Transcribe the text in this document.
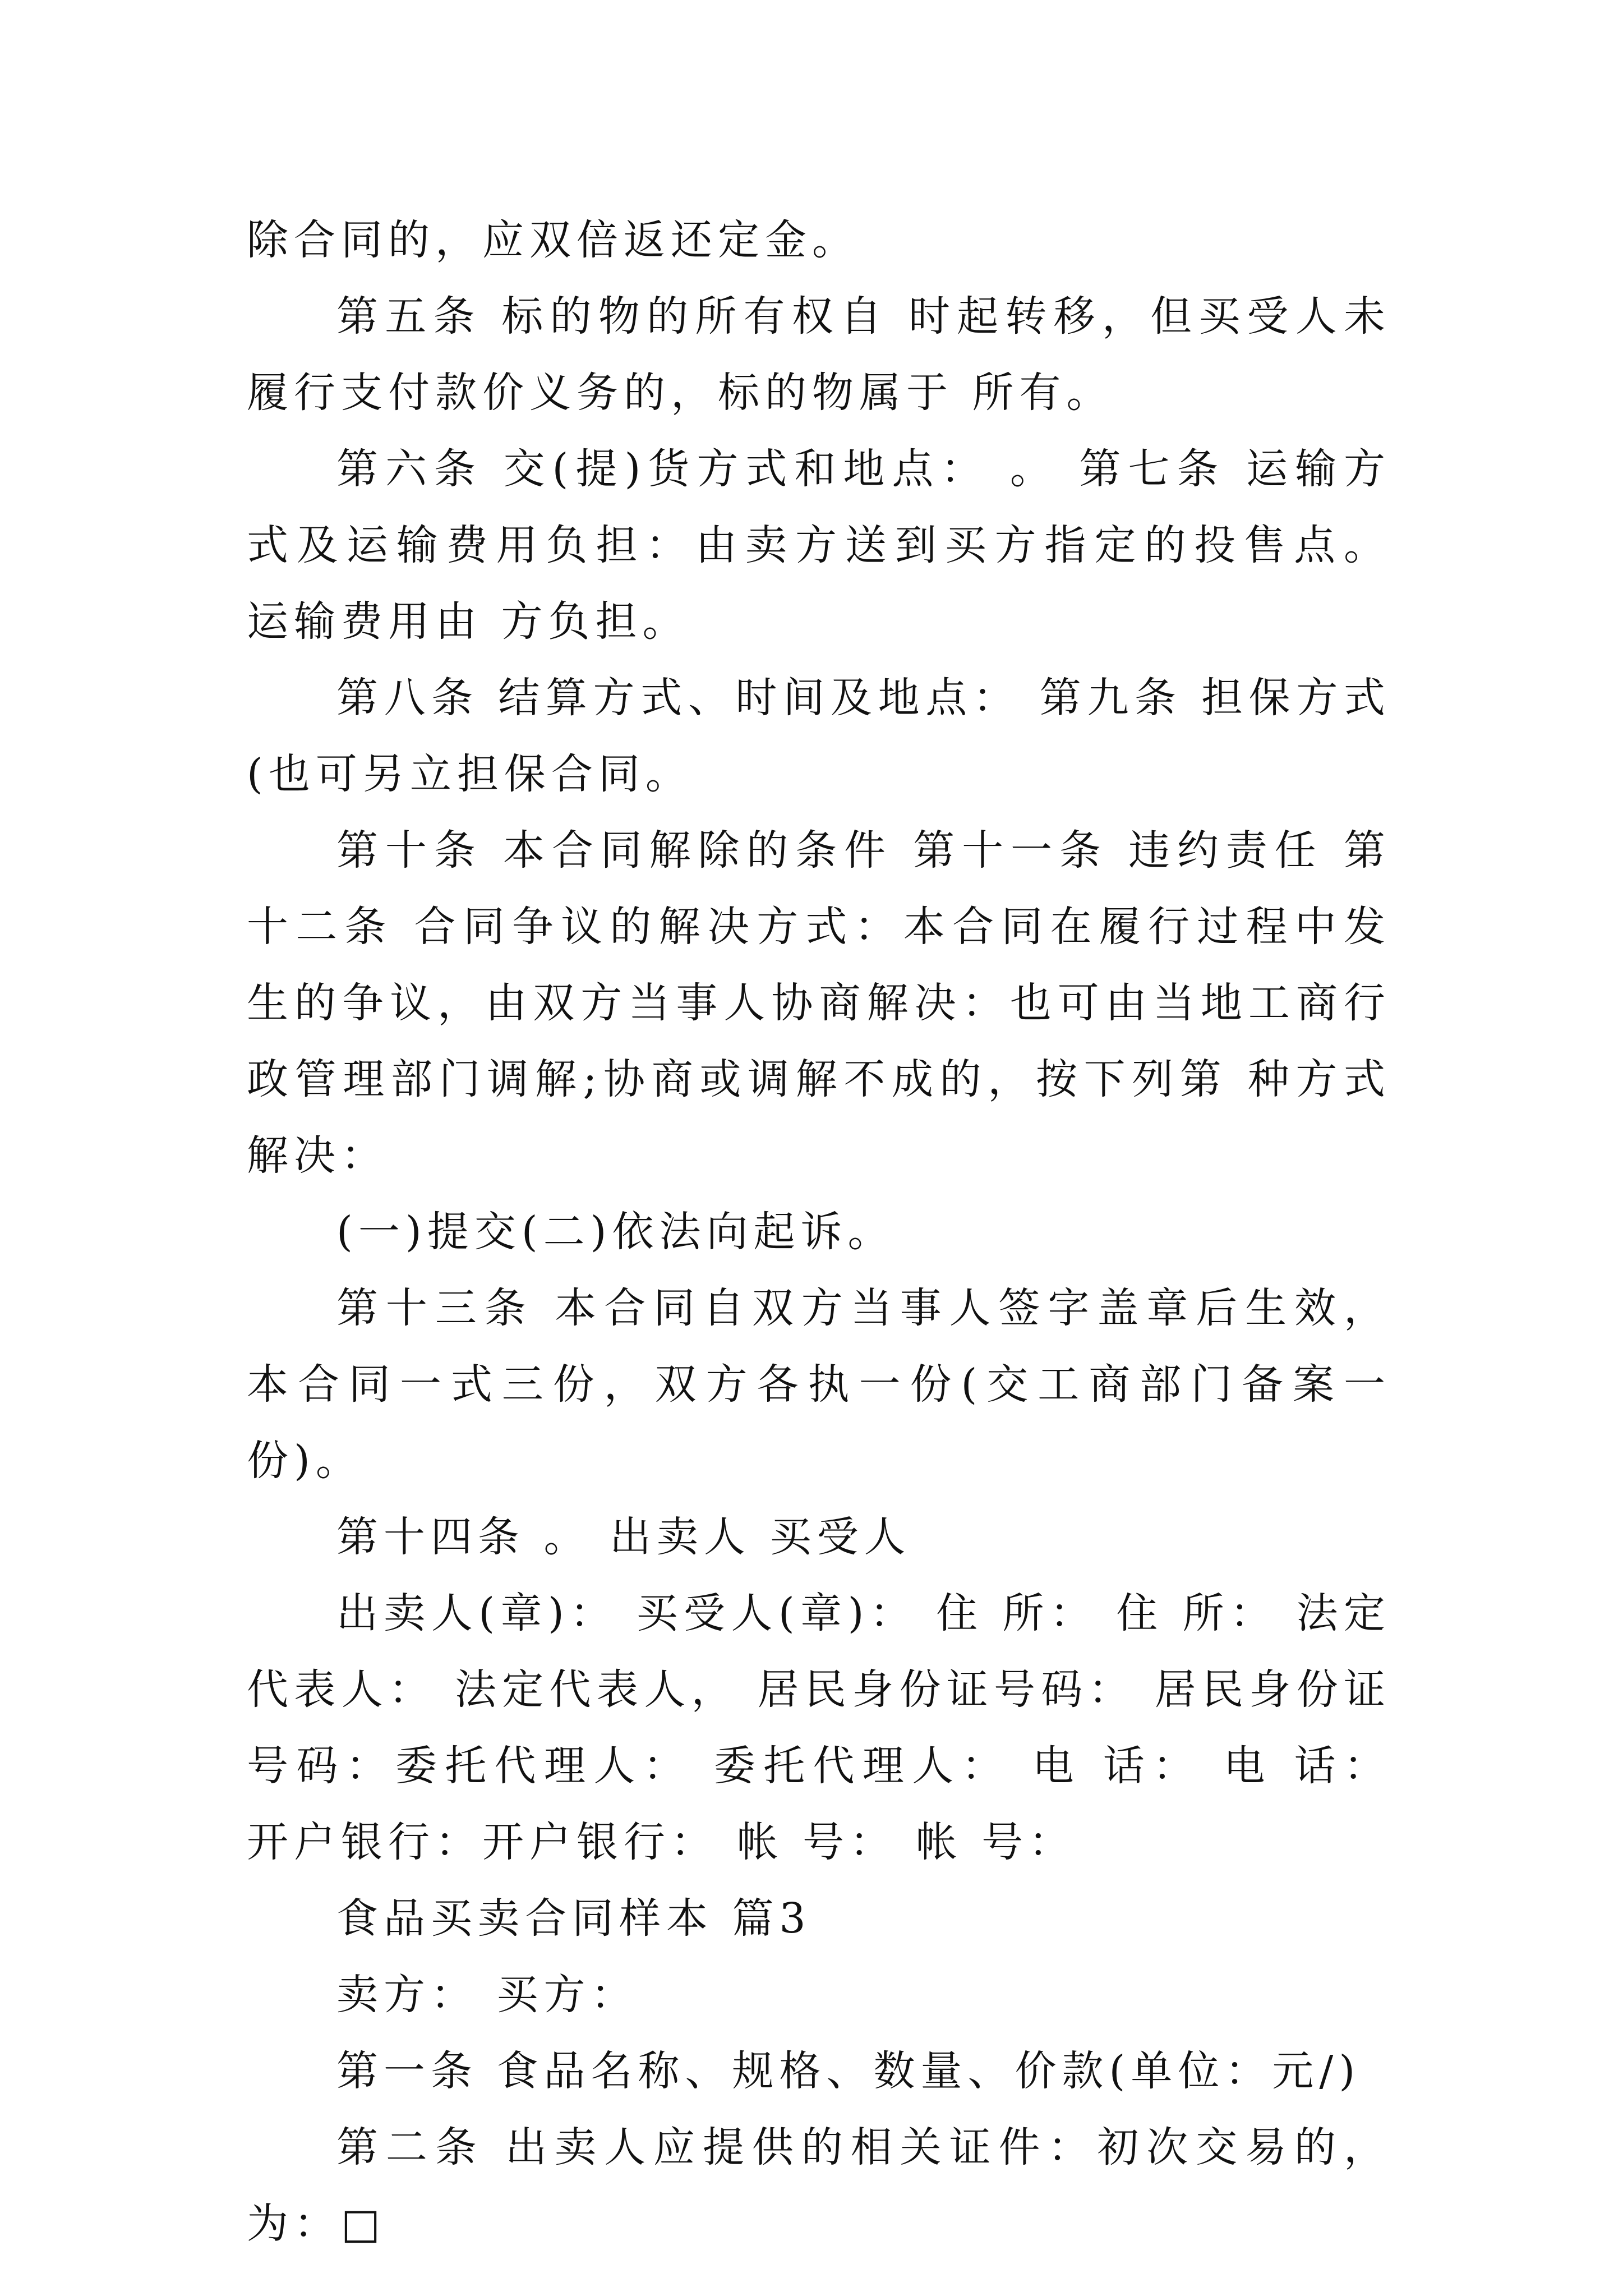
除合同的，应双倍返还定金。

第五条 标的物的所有权自 时起转移，但买受人未履行支付款价义务的，标的物属于 所有。

第六条 交(提)货方式和地点： 。 第七条 运输方式及运输费用负担：由卖方送到买方指定的投售点。 运输费用由 方负担。

第八条 结算方式、时间及地点： 第九条 担保方式(也可另立担保合同。

第十条 本合同解除的条件 第十一条 违约责任 第十二条 合同争议的解决方式：本合同在履行过程中发生的争议，由双方当事人协商解决：也可由当地工商行政管理部门调解;协商或调解不成的，按下列第 种方式解决：

(一)提交(二)依法向起诉。

第十三条 本合同自双方当事人签字盖章后生效，本合同一式三份，双方各执一份(交工商部门备案一份)。

第十四条 。 出卖人 买受人

出卖人(章)： 买受人(章)： 住 所： 住 所： 法定代表人： 法定代表人， 居民身份证号码： 居民身份证号码：委托代理人： 委托代理人： 电 话： 电 话： 开户银行：开户银行： 帐 号： 帐 号：

食品买卖合同样本 篇3

卖方： 买方：

第一条 食品名称、规格、数量、价款(单位：元/)

第二条 出卖人应提供的相关证件：初次交易的，为：□
